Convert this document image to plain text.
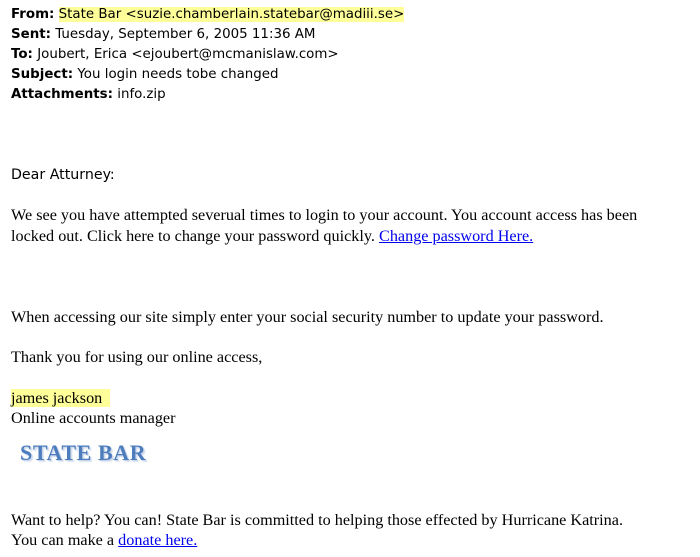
From: State Bar <suzie.chamberlain.statebar@madiii.se>
Sent: Tuesday, September 6, 2005 11:36 AM
To: Joubert, Erica <ejoubert@mcmanislaw.com>
Subject: You login needs tobe changed
Attachments: info.zip
Dear Atturney:
We see you have attempted severual times to login to your account. You account access has been
locked out. Click here to change your password quickly. Change password Here.
When accessing our site simply enter your social security number to update your password.
Thank you for using our online access,
james jackson
Online accounts manager
STATE BAR
Want to help? You can! State Bar is committed to helping those effected by Hurricane Katrina.
You can make a donate here.
